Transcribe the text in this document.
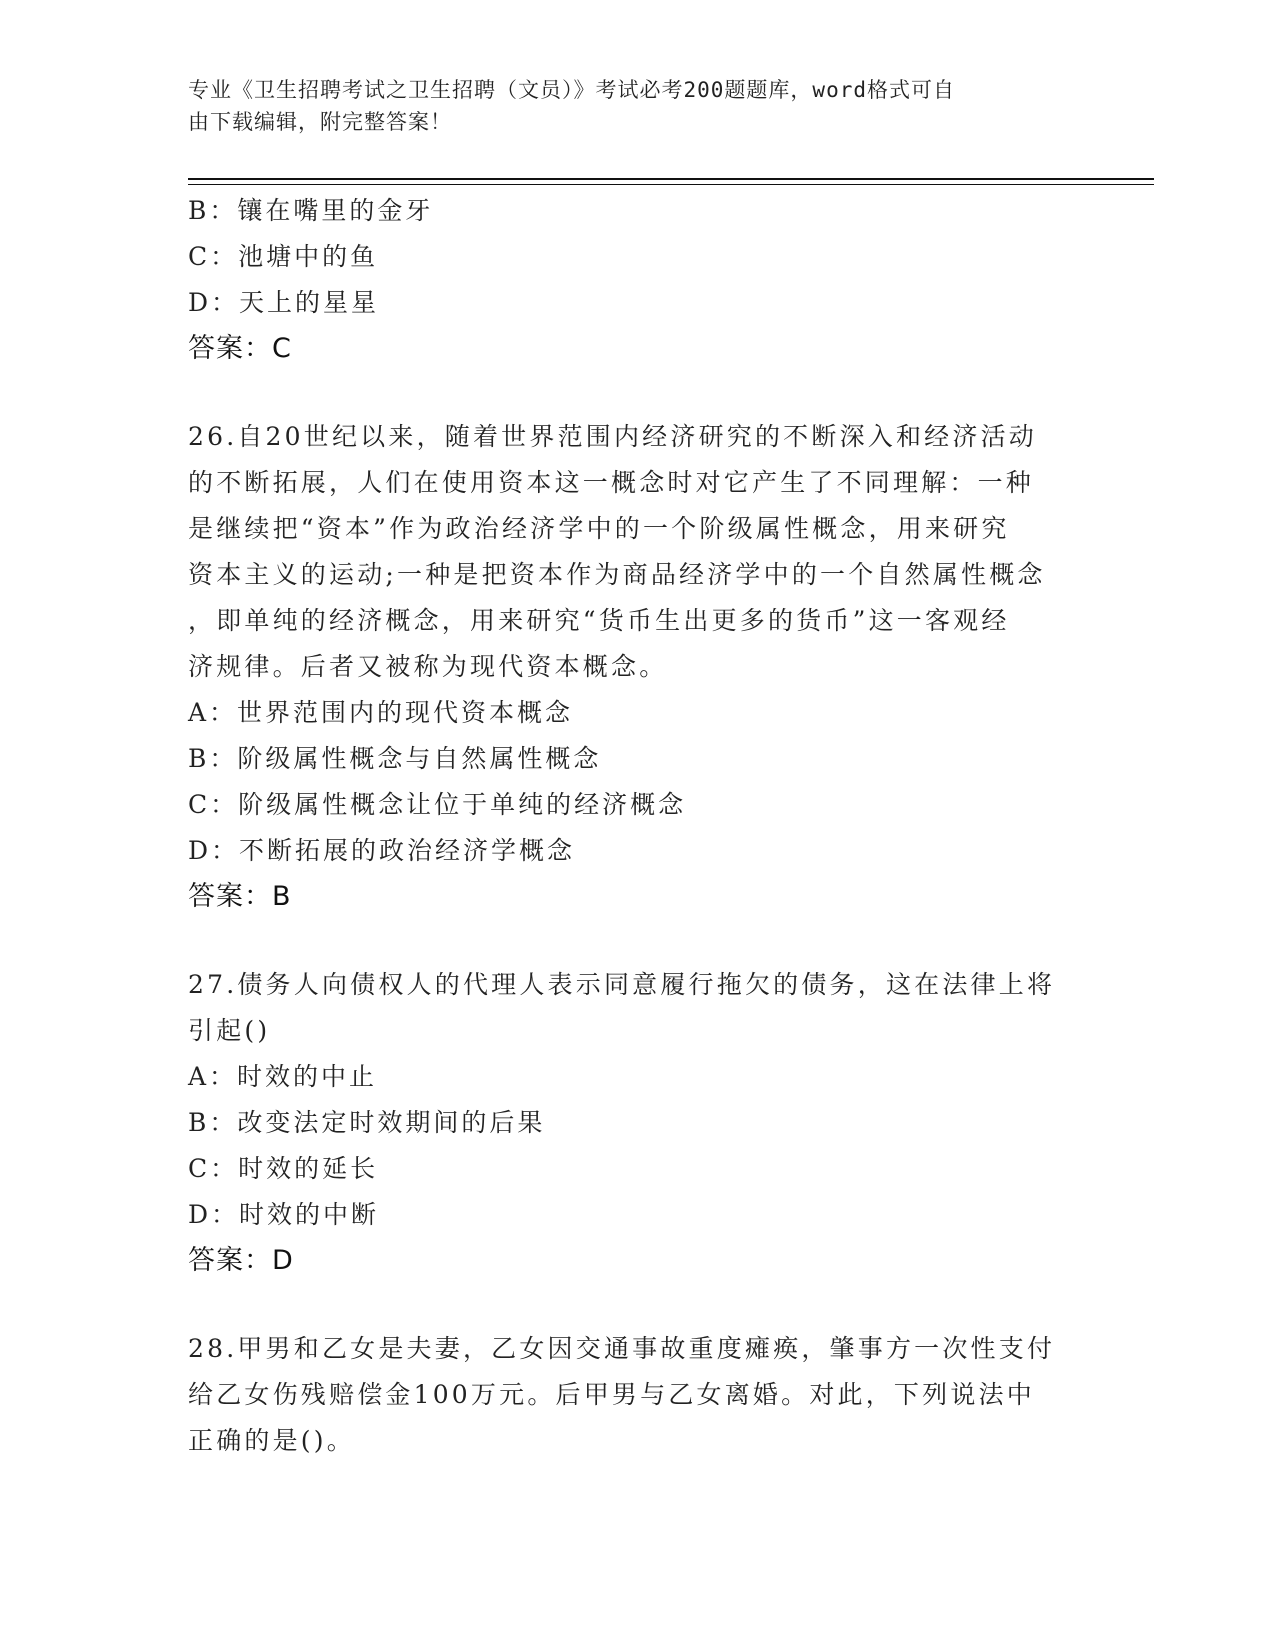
专业《卫生招聘考试之卫生招聘（文员）》考试必考200题题库，word格式可自
由下载编辑，附完整答案！
B：镶在嘴里的金牙
C：池塘中的鱼
D：天上的星星
答案：C
26.自20世纪以来，随着世界范围内经济研究的不断深入和经济活动
的不断拓展，人们在使用资本这一概念时对它产生了不同理解：一种
是继续把“资本”作为政治经济学中的一个阶级属性概念，用来研究
资本主义的运动;一种是把资本作为商品经济学中的一个自然属性概念
，即单纯的经济概念，用来研究“货币生出更多的货币”这一客观经
济规律。后者又被称为现代资本概念。
A：世界范围内的现代资本概念
B：阶级属性概念与自然属性概念
C：阶级属性概念让位于单纯的经济概念
D：不断拓展的政治经济学概念
答案：B
27.债务人向债权人的代理人表示同意履行拖欠的债务，这在法律上将
引起()
A：时效的中止
B：改变法定时效期间的后果
C：时效的延长
D：时效的中断
答案：D
28.甲男和乙女是夫妻，乙女因交通事故重度瘫痪，肇事方一次性支付
给乙女伤残赔偿金100万元。后甲男与乙女离婚。对此，下列说法中
正确的是()。
